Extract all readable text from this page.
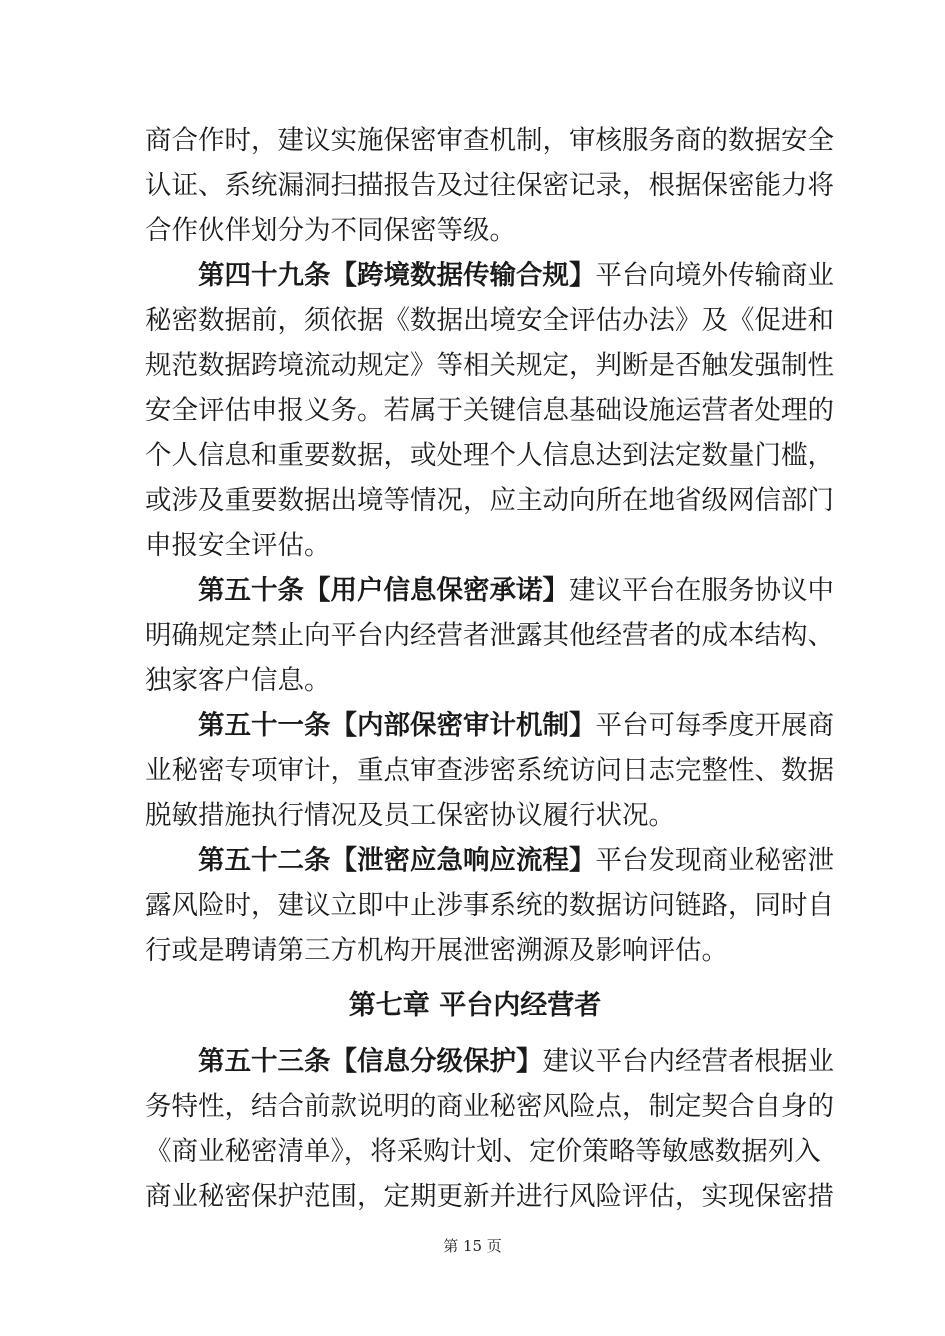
商合作时，建议实施保密审查机制，审核服务商的数据安全
认证、系统漏洞扫描报告及过往保密记录，根据保密能力将
合作伙伴划分为不同保密等级。
第四十九条【跨境数据传输合规】平台向境外传输商业
秘密数据前，须依据《数据出境安全评估办法》及《促进和
规范数据跨境流动规定》等相关规定，判断是否触发强制性
安全评估申报义务。若属于关键信息基础设施运营者处理的
个人信息和重要数据，或处理个人信息达到法定数量门槛，
或涉及重要数据出境等情况，应主动向所在地省级网信部门
申报安全评估。
第五十条【用户信息保密承诺】建议平台在服务协议中
明确规定禁止向平台内经营者泄露其他经营者的成本结构、
独家客户信息。
第五十一条【内部保密审计机制】平台可每季度开展商
业秘密专项审计，重点审查涉密系统访问日志完整性、数据
脱敏措施执行情况及员工保密协议履行状况。
第五十二条【泄密应急响应流程】平台发现商业秘密泄
露风险时，建议立即中止涉事系统的数据访问链路，同时自
行或是聘请第三方机构开展泄密溯源及影响评估。
第七章 平台内经营者
第五十三条【信息分级保护】建议平台内经营者根据业
务特性，结合前款说明的商业秘密风险点，制定契合自身的
《商业秘密清单》，将采购计划、定价策略等敏感数据列入
商业秘密保护范围，定期更新并进行风险评估，实现保密措
第 15 页
